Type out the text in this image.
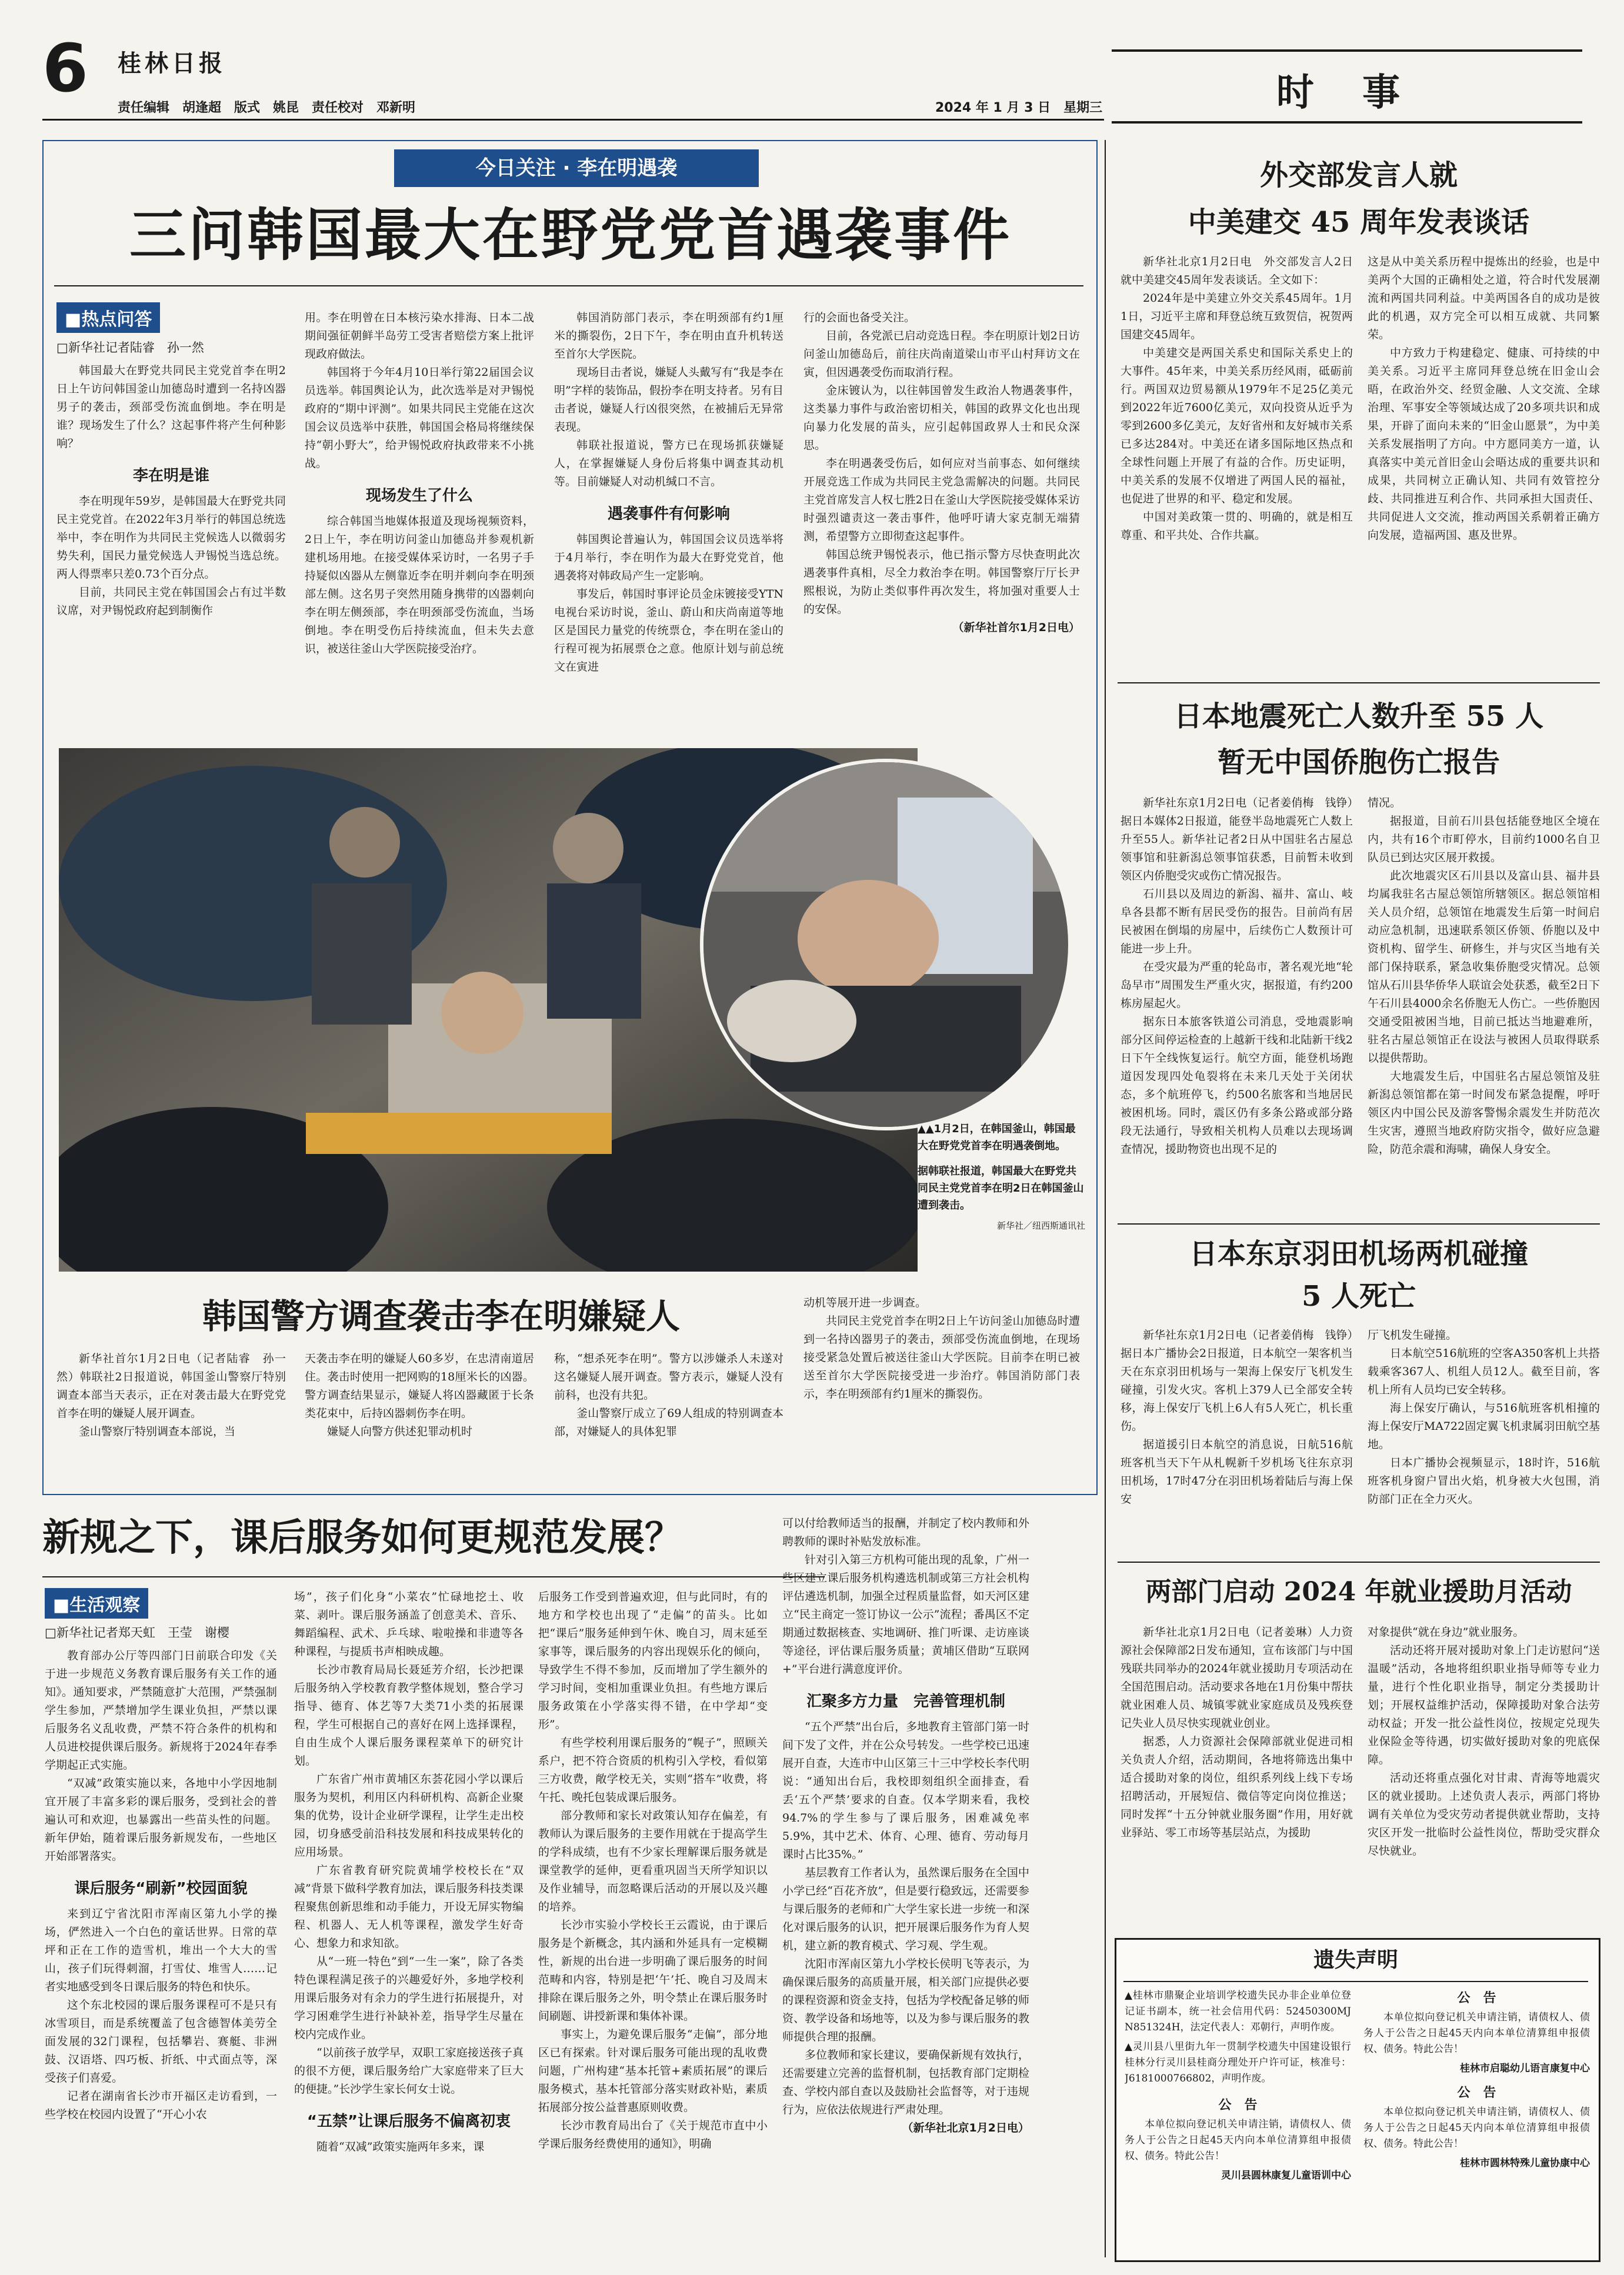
6 桂林日报
责任编辑　胡逢超　版式　姚昆　责任校对　邓新明	2024 年 1 月 3 日　星期三	时 事
今日关注 · 李在明遇袭
三问韩国最大在野党党首遇袭事件
■热点问答

□新华社记者陆睿　孙一然

韩国最大在野党共同民主党党首李在明2日上午访问韩国釜山加德岛时遭到一名持凶器男子的袭击，颈部受伤流血倒地。李在明是谁？现场发生了什么？这起事件将产生何种影响？

李在明是谁

李在明现年59岁，是韩国最大在野党共同民主党党首。在2022年3月举行的韩国总统选举中，李在明作为共同民主党候选人以微弱劣势失利，国民力量党候选人尹锡悦当选总统。两人得票率只差0.73个百分点。

目前，共同民主党在韩国国会占有过半数议席，对尹锡悦政府起到制衡作

用。李在明曾在日本核污染水排海、日本二战期间强征朝鲜半岛劳工受害者赔偿方案上批评现政府做法。

韩国将于今年4月10日举行第22届国会议员选举。韩国舆论认为，此次选举是对尹锡悦政府的“期中评测”。如果共同民主党能在这次国会议员选举中获胜，韩国国会格局将继续保持“朝小野大”，给尹锡悦政府执政带来不小挑战。

现场发生了什么

综合韩国当地媒体报道及现场视频资料，2日上午，李在明访问釜山加德岛并参观机新建机场用地。在接受媒体采访时，一名男子手持疑似凶器从左侧靠近李在明并刺向李在明颈部左侧。这名男子突然用随身携带的凶器刺向李在明左侧颈部，李在明颈部受伤流血，当场倒地。李在明受伤后持续流血，但未失去意识，被送往釜山大学医院接受治疗。

韩国消防部门表示，李在明颈部有约1厘米的撕裂伤，2日下午，李在明由直升机转送至首尔大学医院。

现场目击者说，嫌疑人头戴写有“我是李在明”字样的装饰品，假扮李在明支持者。另有目击者说，嫌疑人行凶很突然，在被捕后无异常表现。

韩联社报道说，警方已在现场抓获嫌疑人，在掌握嫌疑人身份后将集中调查其动机等。目前嫌疑人对动机缄口不言。

遇袭事件有何影响

韩国舆论普遍认为，韩国国会议员选举将于4月举行，李在明作为最大在野党党首，他遇袭将对韩政局产生一定影响。

事发后，韩国时事评论员金床镀接受YTN电视台采访时说，釜山、蔚山和庆尚南道等地区是国民力量党的传统票仓，李在明在釜山的行程可视为拓展票仓之意。他原计划与前总统文在寅进

行的会面也备受关注。

目前，各党派已启动竞选日程。李在明原计划2日访问釜山加德岛后，前往庆尚南道梁山市平山村拜访文在寅，但因遇袭受伤而取消行程。

金床镀认为，以往韩国曾发生政治人物遇袭事件，这类暴力事件与政治密切相关，韩国的政界文化也出现向暴力化发展的苗头，应引起韩国政界人士和民众深思。

李在明遇袭受伤后，如何应对当前事态、如何继续开展竞选工作成为共同民主党急需解决的问题。共同民主党首席发言人权七胜2日在釜山大学医院接受媒体采访时强烈谴责这一袭击事件，他呼吁请大家克制无端猜测，希望警方立即彻查这起事件。

韩国总统尹锡悦表示，他已指示警方尽快查明此次遇袭事件真相，尽全力救治李在明。韩国警察厅厅长尹熙根说，为防止类似事件再次发生，将加强对重要人士的安保。

（新华社首尔1月2日电）

▲▲1月2日，在韩国釜山，韩国最大在野党党首李在明遇袭倒地。
据韩联社报道，韩国最大在野党共同民主党党首李在明2日在韩国釜山遭到袭击。
新华社／纽西斯通讯社
韩国警方调查袭击李在明嫌疑人

新华社首尔1月2日电（记者陆睿　孙一然）韩联社2日报道说，韩国釜山警察厅特别调查本部当天表示，正在对袭击最大在野党党首李在明的嫌疑人展开调查。

釜山警察厅特别调查本部说，当

天袭击李在明的嫌疑人60多岁，在忠清南道居住。袭击时使用一把网购的18厘米长的凶器。警方调查结果显示，嫌疑人将凶器藏匿于长条类花束中，后持凶器刺伤李在明。

嫌疑人向警方供述犯罪动机时

称，“想杀死李在明”。警方以涉嫌杀人未遂对这名嫌疑人展开调查。警方表示，嫌疑人没有前科，也没有共犯。

釜山警察厅成立了69人组成的特别调查本部，对嫌疑人的具体犯罪

动机等展开进一步调查。

共同民主党党首李在明2日上午访问釜山加德岛时遭到一名持凶器男子的袭击，颈部受伤流血倒地，在现场接受紧急处置后被送往釜山大学医院。目前李在明已被送至首尔大学医院接受进一步治疗。韩国消防部门表示，李在明颈部有约1厘米的撕裂伤。

新规之下，课后服务如何更规范发展？
■生活观察

□新华社记者郑天虹　王莹　谢樱

教育部办公厅等四部门日前联合印发《关于进一步规范义务教育课后服务有关工作的通知》。通知要求，严禁随意扩大范围，严禁强制学生参加，严禁增加学生课业负担，严禁以课后服务名义乱收费，严禁不符合条件的机构和人员进校提供课后服务。新规将于2024年春季学期起正式实施。

“双减”政策实施以来，各地中小学因地制宜开展了丰富多彩的课后服务，受到社会的普遍认可和欢迎，也暴露出一些苗头性的问题。新年伊始，随着课后服务新规发布，一些地区开始部署落实。

课后服务“刷新”校园面貌

来到辽宁省沈阳市浑南区第九小学的操场，俨然进入一个白色的童话世界。日常的草坪和正在工作的造雪机，堆出一个大大的雪山，孩子们玩得刺溜，打雪仗、堆雪人……记者实地感受到冬日课后服务的特色和快乐。

这个东北校园的课后服务课程可不是只有冰雪项目，而是系统覆盖了包含德智体美劳全面发展的32门课程，包括攀岩、赛艇、非洲鼓、汉语塔、四巧板、折纸、中式面点等，深受孩子们喜爱。

记者在湖南省长沙市开福区走访看到，一些学校在校园内设置了“开心小农

场”，孩子们化身“小菜农”忙碌地挖土、收菜、剥叶。课后服务涵盖了创意美术、音乐、舞蹈编程、武术、乒乓球、啦啦操和非遗等各种课程，与提质书声相映成趣。

长沙市教育局局长聂延芳介绍，长沙把课后服务纳入学校教育教学整体规划，整合学习指导、德育、体艺等7大类71小类的拓展课程，学生可根据自己的喜好在网上选择课程，自由生成个人课后服务课程菜单下的研究计划。

广东省广州市黄埔区东荟花园小学以课后服务为契机，利用区内科研机构、高新企业聚集的优势，设计企业研学课程，让学生走出校园，切身感受前沿科技发展和科技成果转化的应用场景。

广东省教育研究院黄埔学校校长在“双减”背景下做科学教育加法，课后服务科技类课程聚焦创新思维和动手能力，开设无屏实物编程、机器人、无人机等课程，激发学生好奇心、想象力和求知欲。

从“一班一特色”到“一生一案”，除了各类特色课程满足孩子的兴趣爱好外，多地学校利用课后服务对有余力的学生进行拓展提升，对学习困难学生进行补缺补差，指导学生尽量在校内完成作业。

“以前孩子放学早，双职工家庭接送孩子真的很不方便，课后服务给广大家庭带来了巨大的便捷。”长沙学生家长何女士说。

“五禁”让课后服务不偏离初衷

随着“双减”政策实施两年多来，课

后服务工作受到普遍欢迎，但与此同时，有的地方和学校也出现了“走偏”的苗头。比如把“课后”服务延伸到午休、晚自习，周末延至家事等，课后服务的内容出现娱乐化的倾向，导致学生不得不参加，反而增加了学生额外的学习时间，变相加重课业负担。有些地方课后服务政策在小学落实得不错，在中学却“变形”。

有些学校利用课后服务的“幌子”，照顾关系户，把不符合资质的机构引入学校，看似第三方收费，敞学校无关，实则“搭车”收费，将午托、晚托包装成课后服务。

部分教师和家长对政策认知存在偏差，有教师认为课后服务的主要作用就在于提高学生的学科成绩，也有不少家长理解课后服务就是课堂教学的延伸，更看重巩固当天所学知识以及作业辅导，而忽略课后活动的开展以及兴趣的培养。

长沙市实验小学校长王云霞说，由于课后服务是个新概念，其内涵和外延具有一定模糊性，新规的出台进一步明确了课后服务的时间范畴和内容，特别是把‘午’托、晚自习及周末排除在课后服务之外，明令禁止在课后服务时间刷题、讲授新课和集体补课。

事实上，为避免课后服务“走偏”，部分地区已有探索。针对课后服务可能出现的乱收费问题，广州构建“基本托管+素质拓展”的课后服务模式，基本托管部分落实财政补贴，素质拓展部分按公益普惠原则收费。

长沙市教育局出台了《关于规范市直中小学课后服务经费使用的通知》，明确

可以付给教师适当的报酬，并制定了校内教师和外聘教师的课时补贴发放标准。

针对引入第三方机构可能出现的乱象，广州一些区建立课后服务机构遴选机制或第三方社会机构评估遴选机制，加强全过程质量监督，如天河区建立“民主商定一签订协议一公示”流程；番禺区不定期通过数据核查、实地调研、推门听课、走访座谈等途径，评估课后服务质量；黄埔区借助“互联网+”平台进行满意度评价。

汇聚多方力量　完善管理机制

“五个严禁”出台后，多地教育主管部门第一时间下发了文件，并在公众号转发。一些学校已迅速展开自查，大连市中山区第三十三中学校长李代明说：“通知出台后，我校即刻组织全面排查，看丢‘五个严禁’要求的自查。仅本学期来看，我校94.7%的学生参与了课后服务，困难减免率5.9%，其中艺术、体育、心理、德育、劳动每月课时占比35%。”

基层教育工作者认为，虽然课后服务在全国中小学已经“百花齐放”，但是要行稳致远，还需要参与课后服务的老师和广大学生家长进一步统一和深化对课后服务的认识，把开展课后服务作为育人契机，建立新的教育模式、学习观、学生观。

沈阳市浑南区第九小学校长侯明飞等表示，为确保课后服务的高质量开展，相关部门应提供必要的课程资源和资金支持，包括为学校配备足够的师资、教学设备和场地等，以及为参与课后服务的教师提供合理的报酬。

多位教师和家长建议，要确保新规有效执行，还需要建立完善的监督机制，包括教育部门定期检查、学校内部自查以及鼓励社会监督等，对于违规行为，应依法依规进行严肃处理。

（新华社北京1月2日电）

外交部发言人就
中美建交 45 周年发表谈话

新华社北京1月2日电　外交部发言人2日就中美建交45周年发表谈话。全文如下：

2024年是中美建立外交关系45周年。1月1日，习近平主席和拜登总统互致贺信，祝贺两国建交45周年。

中美建交是两国关系史和国际关系史上的大事件。45年来，中美关系历经风雨，砥砺前行。两国双边贸易额从1979年不足25亿美元到2022年近7600亿美元，双向投资从近乎为零到2600多亿美元，友好省州和友好城市关系已多达284对。中美还在诸多国际地区热点和全球性问题上开展了有益的合作。历史证明，中美关系的发展不仅增进了两国人民的福祉，也促进了世界的和平、稳定和发展。

中国对美政策一贯的、明确的，就是相互尊重、和平共处、合作共赢。

这是从中美关系历程中提炼出的经验，也是中美两个大国的正确相处之道，符合时代发展潮流和两国共同利益。中美两国各自的成功是彼此的机遇，双方完全可以相互成就、共同繁荣。

中方致力于构建稳定、健康、可持续的中美关系。习近平主席同拜登总统在旧金山会晤，在政治外交、经贸金融、人文交流、全球治理、军事安全等领域达成了20多项共识和成果，开辟了面向未来的“旧金山愿景”，为中美关系发展指明了方向。中方愿同美方一道，认真落实中美元首旧金山会晤达成的重要共识和成果，共同树立正确认知、共同有效管控分歧、共同推进互利合作、共同承担大国责任、共同促进人文交流，推动两国关系朝着正确方向发展，造福两国、惠及世界。

日本地震死亡人数升至 55 人
暂无中国侨胞伤亡报告

新华社东京1月2日电（记者姜俏梅　钱铮）据日本媒体2日报道，能登半岛地震死亡人数上升至55人。新华社记者2日从中国驻名古屋总领事馆和驻新潟总领事馆获悉，目前暂未收到领区内侨胞受灾或伤亡情况报告。

石川县以及周边的新潟、福井、富山、岐阜各县都不断有居民受伤的报告。目前尚有居民被困在倒塌的房屋中，后续伤亡人数预计可能进一步上升。

在受灾最为严重的轮岛市，著名观光地“轮岛早市”周围发生严重火灾，据报道，有约200栋房屋起火。

据东日本旅客铁道公司消息，受地震影响部分区间停运检查的上越新干线和北陆新干线2日下午全线恢复运行。航空方面，能登机场跑道因发现四处龟裂将在未来几天处于关闭状态，多个航班停飞，约500名旅客和当地居民被困机场。同时，震区仍有多条公路或部分路段无法通行，导致相关机构人员难以去现场调查情况，援助物资也出现不足的

情况。

据报道，目前石川县包括能登地区全境在内，共有16个市町停水，目前约1000名自卫队员已到达灾区展开救援。

此次地震灾区石川县以及富山县、福井县均属我驻名古屋总领馆所辖领区。据总领馆相关人员介绍，总领馆在地震发生后第一时间启动应急机制，迅速联系领区侨领、侨胞以及中资机构、留学生、研修生，并与灾区当地有关部门保持联系，紧急收集侨胞受灾情况。总领馆从石川县华侨华人联谊会处获悉，截至2日下午石川县4000余名侨胞无人伤亡。一些侨胞因交通受阻被困当地，目前已抵达当地避难所，驻名古屋总领馆正在设法与被困人员取得联系以提供帮助。

大地震发生后，中国驻名古屋总领馆及驻新潟总领馆都在第一时间发布紧急提醒，呼吁领区内中国公民及游客警惕余震发生并防范次生灾害，遵照当地政府防灾指令，做好应急避险，防范余震和海啸，确保人身安全。

日本东京羽田机场两机碰撞
5 人死亡

新华社东京1月2日电（记者姜俏梅　钱铮）据日本广播协会2日报道，日本航空一架客机当天在东京羽田机场与一架海上保安厅飞机发生碰撞，引发火灾。客机上379人已全部安全转移，海上保安厅飞机上6人有5人死亡，机长重伤。

据道援引日本航空的消息说，日航516航班客机当天下午从札幌新千岁机场飞往东京羽田机场，17时47分在羽田机场着陆后与海上保安

厅飞机发生碰撞。

日本航空516航班的空客A350客机上共搭载乘客367人、机组人员12人。截至目前，客机上所有人员均已安全转移。

海上保安厅确认，与516航班客机相撞的海上保安厅MA722固定翼飞机隶属羽田航空基地。

日本广播协会视频显示，18时许，516航班客机身窗户冒出火焰，机身被大火包围，消防部门正在全力灭火。

两部门启动 2024 年就业援助月活动

新华社北京1月2日电（记者姜琳）人力资源社会保障部2日发布通知，宣布该部门与中国残联共同举办的2024年就业援助月专项活动在全国范围启动。活动要求各地在1月份集中帮扶就业困难人员、城镇零就业家庭成员及残疾登记失业人员尽快实现就业创业。

据悉，人力资源社会保障部就业促进司相关负责人介绍，活动期间，各地将筛选出集中适合援助对象的岗位，组织系列线上线下专场招聘活动，开展短信、微信等定向岗位推送；同时发挥“十五分钟就业服务圈”作用，用好就业驿站、零工市场等基层站点，为援助

对象提供“就在身边”就业服务。

活动还将开展对援助对象上门走访慰问“送温暖”活动，各地将组织职业指导师等专业力量，进行个性化职业指导，制定分类援助计划；开展权益维护活动，保障援助对象合法劳动权益；开发一批公益性岗位，按规定兑现失业保险金等待遇，切实做好援助对象的兜底保障。

活动还将重点强化对甘肃、青海等地震灾区的就业援助。上述负责人表示，两部门将协调有关单位为受灾劳动者提供就业帮助，支持灾区开发一批临时公益性岗位，帮助受灾群众尽快就业。

遗失声明

▲桂林市鼎聚企业培训学校遗失民办非企业单位登记证书副本，统一社会信用代码：52450300MJ N851324H，法定代表人：邓朝行，声明作废。

▲灵川县八里街九年一贯制学校遗失中国建设银行桂林分行灵川县桂商分理处开户许可证，核准号：J6181000766802，声明作废。

公　告

本单位拟向登记机关申请注销，请债权人、债务人于公告之日起45天内向本单位清算组申报债权、债务。特此公告！

灵川县圆林康复儿童语训中心

公　告

本单位拟向登记机关申请注销，请债权人、债务人于公告之日起45天内向本单位清算组申报债权、债务。特此公告！

桂林市启聪幼儿语言康复中心

公　告

本单位拟向登记机关申请注销，请债权人、债务人于公告之日起45天内向本单位清算组申报债权、债务。特此公告！

桂林市圆林特殊儿童协康中心
